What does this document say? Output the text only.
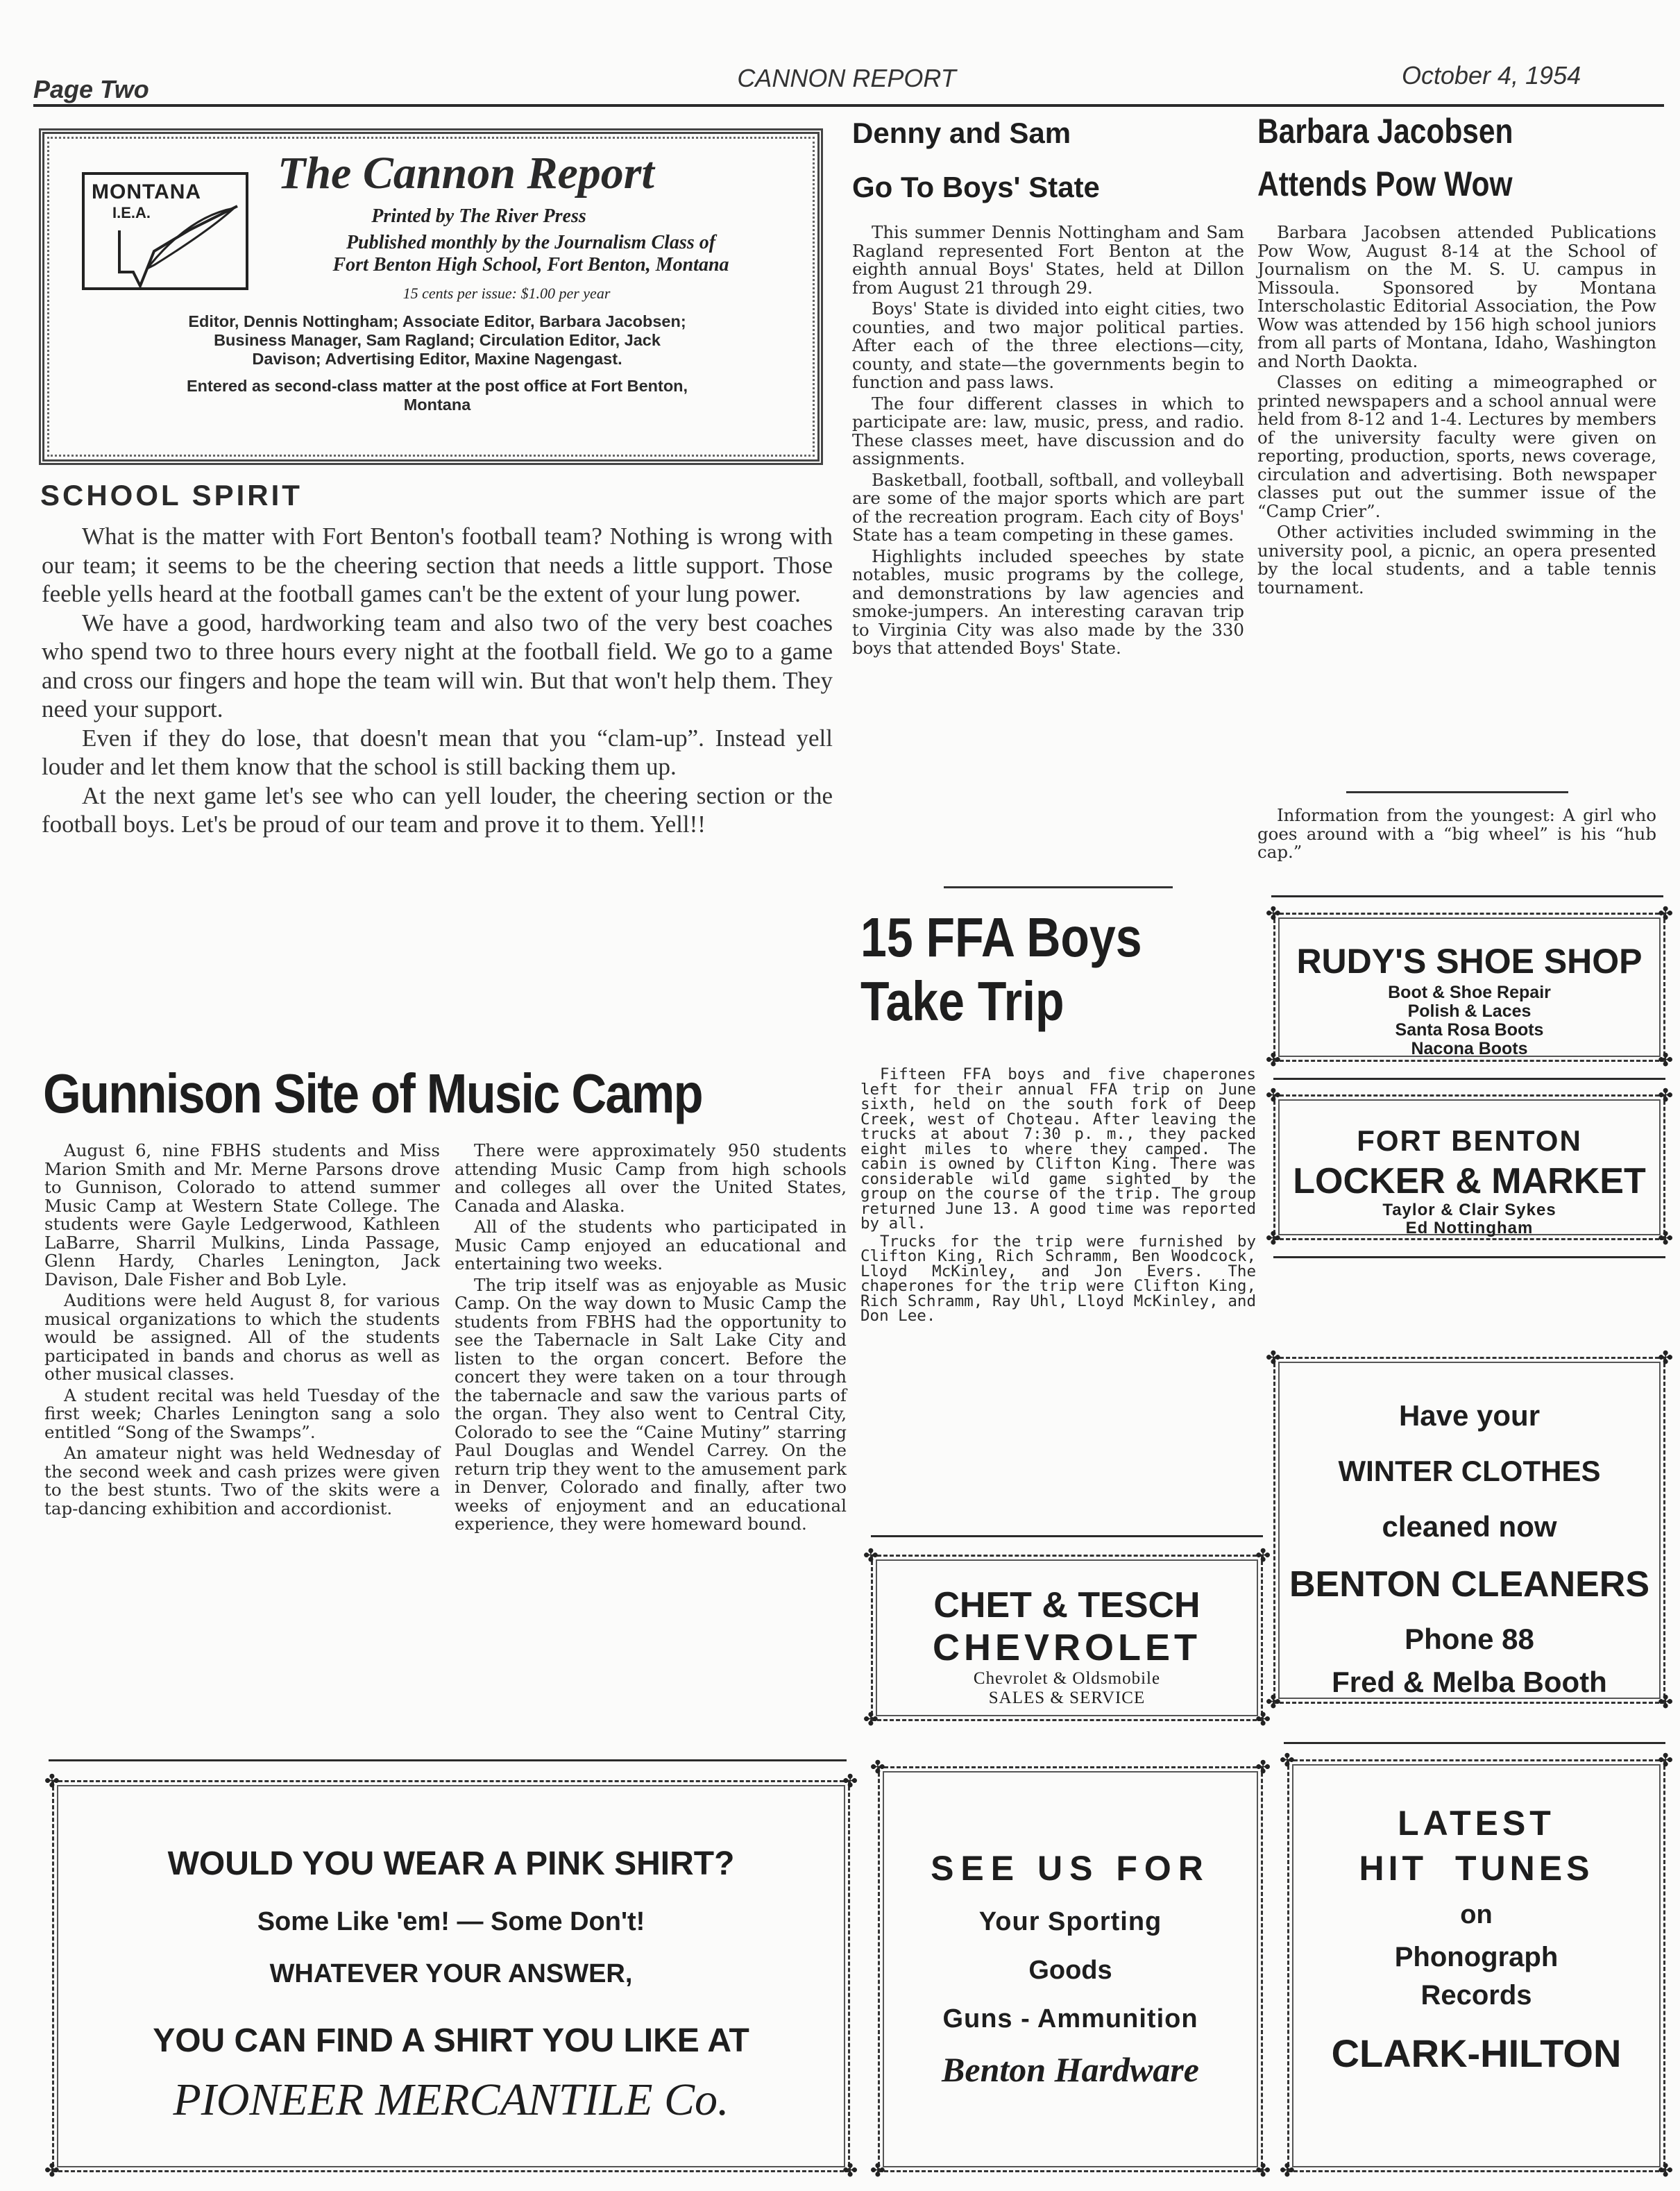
Page Two	CANNON REPORT	October 4, 1954
MONTANA
I.E.A.
The Cannon Report
Printed by The River Press
Published monthly by the Journalism Class of
Fort Benton High School, Fort Benton, Montana
15 cents per issue: $1.00 per year
Editor, Dennis Nottingham; Associate Editor, Barbara Jacobsen;
Business Manager, Sam Ragland; Circulation Editor, Jack
Davison; Advertising Editor, Maxine Nagengast.
Entered as second-class matter at the post office at Fort Benton,
Montana
SCHOOL SPIRIT

What is the matter with Fort Benton's football team? Nothing is wrong with our team; it seems to be the cheering section that needs a little support. Those feeble yells heard at the football games can't be the extent of your lung power.

We have a good, hardworking team and also two of the very best coaches who spend two to three hours every night at the football field. We go to a game and cross our fingers and hope the team will win. But that won't help them. They need your support.

Even if they do lose, that doesn't mean that you “clam-up”. Instead yell louder and let them know that the school is still backing them up.

At the next game let's see who can yell louder, the cheering section or the football boys. Let's be proud of our team and prove it to them. Yell!!

Gunnison Site of Music Camp

August 6, nine FBHS students and Miss Marion Smith and Mr. Merne Parsons drove to Gunnison, Colorado to attend summer Music Camp at Western State College. The students were Gayle Ledgerwood, Kathleen LaBarre, Sharril Mulkins, Linda Passage, Glenn Hardy, Charles Lenington, Jack Davison, Dale Fisher and Bob Lyle.

Auditions were held August 8, for various musical organizations to which the students would be assigned. All of the students participated in bands and chorus as well as other musical classes.

A student recital was held Tuesday of the first week; Charles Lenington sang a solo entitled “Song of the Swamps”.

An amateur night was held Wednesday of the second week and cash prizes were given to the best stunts. Two of the skits were a tap-dancing exhibition and accordionist.

There were approximately 950 students attending Music Camp from high schools and colleges all over the United States, Canada and Alaska.

All of the students who participated in Music Camp enjoyed an educational and entertaining two weeks.

The trip itself was as enjoyable as Music Camp. On the way down to Music Camp the students from FBHS had the opportunity to see the Tabernacle in Salt Lake City and listen to the organ concert. Before the concert they were taken on a tour through the tabernacle and saw the various parts of the organ. They also went to Central City, Colorado to see the “Caine Mutiny” starring Paul Douglas and Wendel Carrey. On the return trip they went to the amusement park in Denver, Colorado and finally, after two weeks of enjoyment and an educational experience, they were homeward bound.

Denny and Sam
Go To Boys' State

This summer Dennis Nottingham and Sam Ragland represented Fort Benton at the eighth annual Boys' States, held at Dillon from August 21 through 29.

Boys' State is divided into eight cities, two counties, and two major political parties. After each of the three elections—city, county, and state—the governments begin to function and pass laws.

The four different classes in which to participate are: law, music, press, and radio. These classes meet, have discussion and do assignments.

Basketball, football, softball, and volleyball are some of the major sports which are part of the recreation program. Each city of Boys' State has a team competing in these games.

Highlights included speeches by state notables, music programs by the college, and demonstrations by law agencies and smoke-jumpers. An interesting caravan trip to Virginia City was also made by the 330 boys that attended Boys' State.

Barbara Jacobsen
Attends Pow Wow

Barbara Jacobsen attended Publications Pow Wow, August 8-14 at the School of Journalism on the M. S. U. campus in Missoula. Sponsored by Montana Interscholastic Editorial Association, the Pow Wow was attended by 156 high school juniors from all parts of Montana, Idaho, Washington and North Daokta.

Classes on editing a mimeographed or printed newspapers and a school annual were held from 8-12 and 1-4. Lectures by members of the university faculty were given on reporting, production, sports, news coverage, circulation and advertising. Both newspaper classes put out the summer issue of the “Camp Crier”.

Other activities included swimming in the university pool, a picnic, an opera presented by the local students, and a table tennis tournament.

Information from the youngest: A girl who goes around with a “big wheel” is his “hub cap.”

15 FFA Boys
Take Trip

Fifteen FFA boys and five chaperones left for their annual FFA trip on June sixth, held on the south fork of Deep Creek, west of Choteau. After leaving the trucks at about 7:30 p. m., they packed eight miles to where they camped. The cabin is owned by Clifton King. There was considerable wild game sighted by the group on the course of the trip. The group returned June 13. A good time was reported by all.

Trucks for the trip were furnished by Clifton King, Rich Schramm, Ben Woodcock, Lloyd McKinley, and Jon Evers. The chaperones for the trip were Clifton King, Rich Schramm, Ray Uhl, Lloyd McKinley, and Don Lee.

CHET & TESCH
CHEVROLET
Chevrolet & Oldsmobile
SALES & SERVICE
✤	✤
✤	✤
RUDY'S SHOE SHOP
Boot & Shoe Repair
Polish & Laces
Santa Rosa Boots
Nacona Boots
✤	✤
✤	✤
FORT BENTON
LOCKER & MARKET
Taylor & Clair Sykes
Ed Nottingham
✤	✤
✤	✤
Have your
WINTER CLOTHES
cleaned now
BENTON CLEANERS
Phone 88
Fred & Melba Booth
✤	✤
✤	✤
WOULD YOU WEAR A PINK SHIRT?
Some Like 'em! — Some Don't!
WHATEVER YOUR ANSWER,
YOU CAN FIND A SHIRT YOU LIKE AT
PIONEER MERCANTILE Co.
✤	✤
✤	✤
SEE US FOR
Your Sporting
Goods
Guns - Ammunition
Benton Hardware
✤	✤
✤	✤
LATEST
HIT TUNES
on
Phonograph
Records
CLARK-HILTON
✤	✤
✤	✤
